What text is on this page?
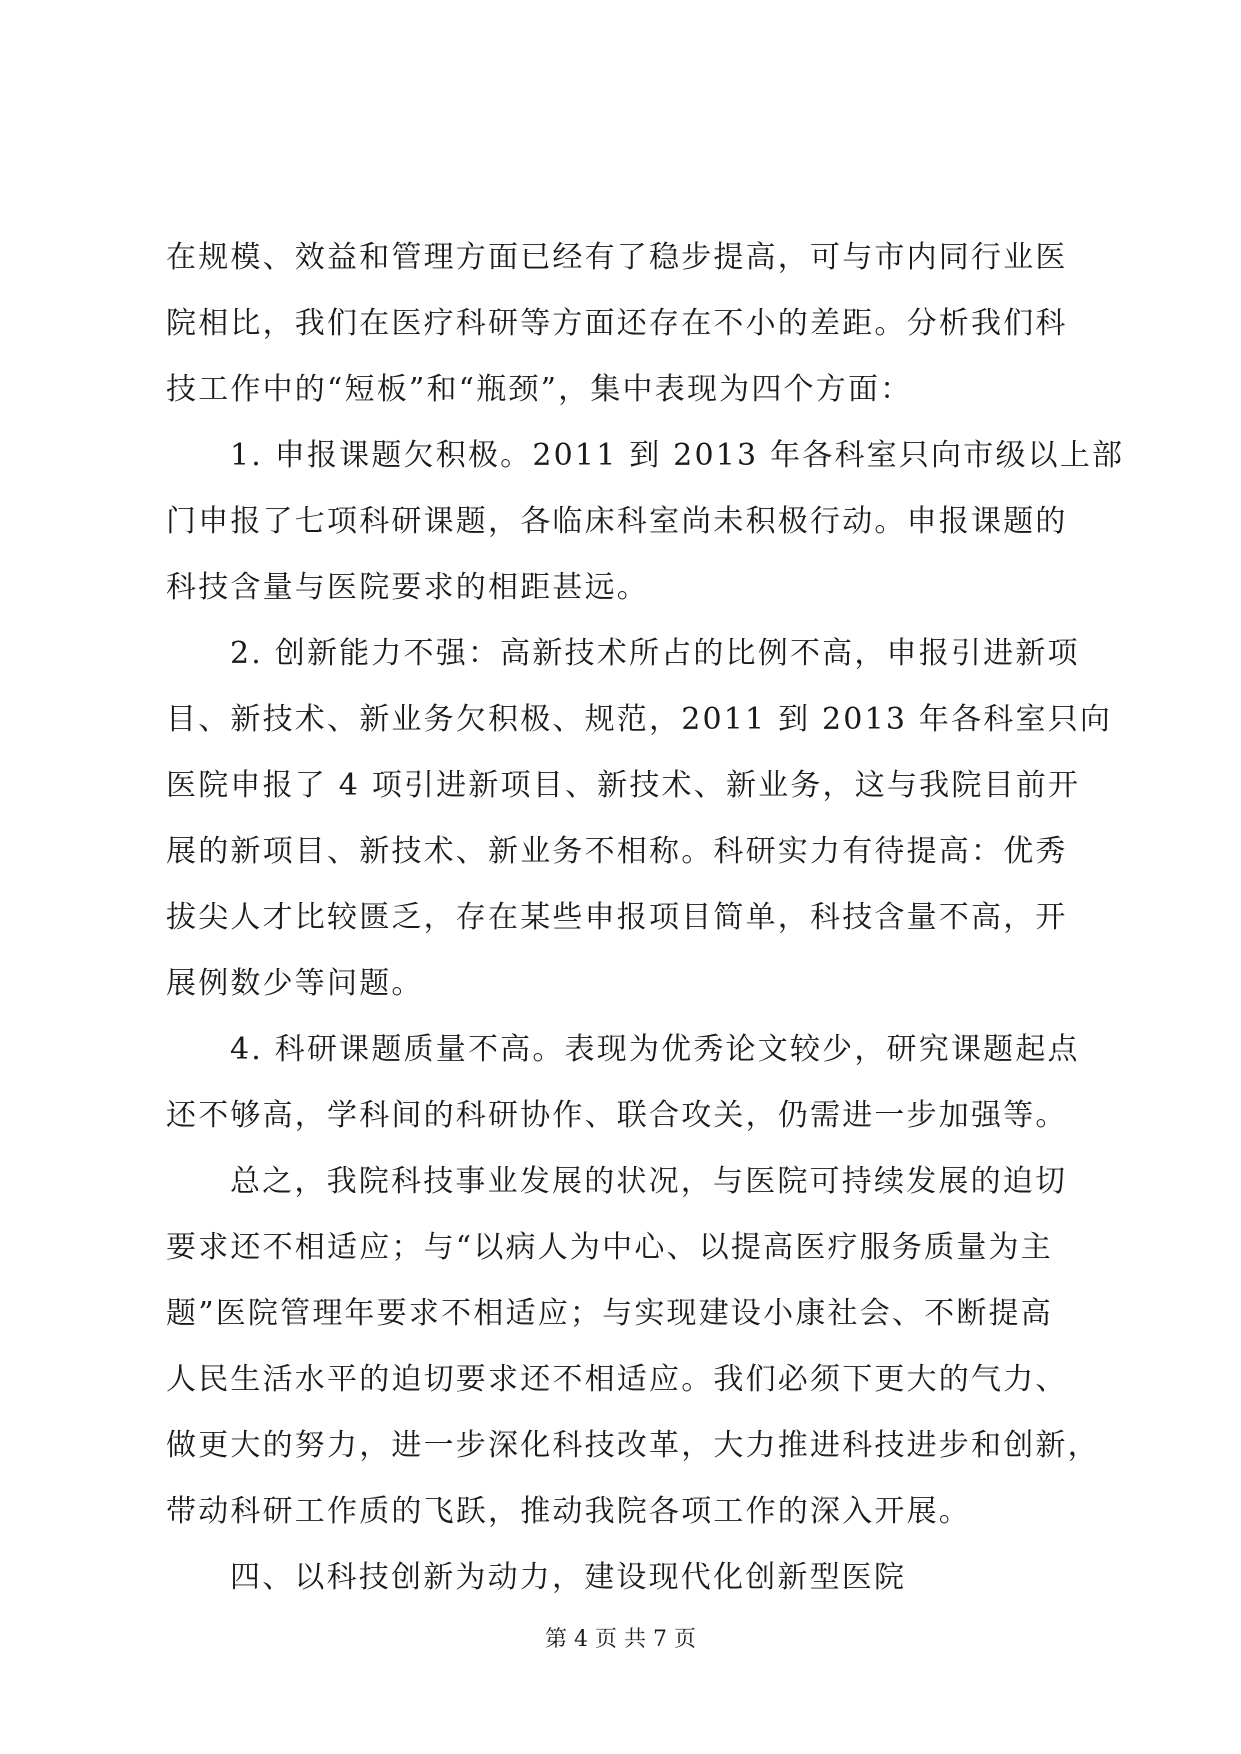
在规模、效益和管理方面已经有了稳步提高，可与市内同行业医
院相比，我们在医疗科研等方面还存在不小的差距。分析我们科
技工作中的“短板”和“瓶颈”，集中表现为四个方面：
1. 申报课题欠积极。2011 到 2013 年各科室只向市级以上部
门申报了七项科研课题，各临床科室尚未积极行动。申报课题的
科技含量与医院要求的相距甚远。
2. 创新能力不强：高新技术所占的比例不高，申报引进新项
目、新技术、新业务欠积极、规范，2011 到 2013 年各科室只向
医院申报了 4 项引进新项目、新技术、新业务，这与我院目前开
展的新项目、新技术、新业务不相称。科研实力有待提高：优秀
拔尖人才比较匮乏，存在某些申报项目简单，科技含量不高，开
展例数少等问题。
4. 科研课题质量不高。表现为优秀论文较少，研究课题起点
还不够高，学科间的科研协作、联合攻关，仍需进一步加强等。
总之，我院科技事业发展的状况，与医院可持续发展的迫切
要求还不相适应；与“以病人为中心、以提高医疗服务质量为主
题”医院管理年要求不相适应；与实现建设小康社会、不断提高
人民生活水平的迫切要求还不相适应。我们必须下更大的气力、
做更大的努力，进一步深化科技改革，大力推进科技进步和创新，
带动科研工作质的飞跃，推动我院各项工作的深入开展。
四、以科技创新为动力，建设现代化创新型医院
第 4 页 共 7 页
